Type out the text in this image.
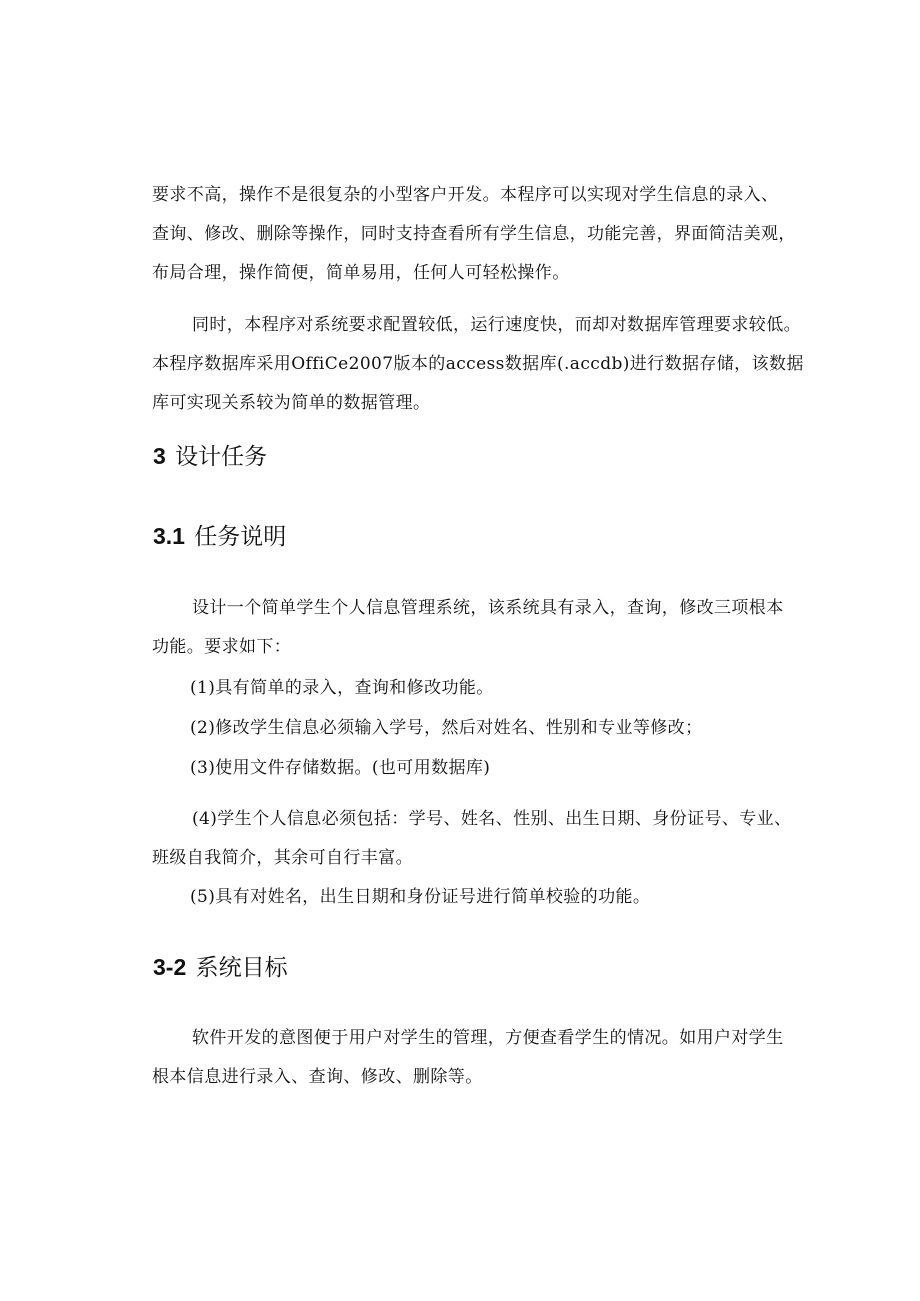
要求不高，操作不是很复杂的小型客户开发。本程序可以实现对学生信息的录入、
查询、修改、删除等操作，同时支持查看所有学生信息，功能完善，界面简洁美观，
布局合理，操作简便，简单易用，任何人可轻松操作。

同时，本程序对系统要求配置较低，运行速度快，而却对数据库管理要求较低。
本程序数据库采用OffiCe2007版本的access数据库(.accdb)进行数据存储，该数据
库可实现关系较为简单的数据管理。

3 设计任务
3.1 任务说明

设计一个简单学生个人信息管理系统，该系统具有录入，查询，修改三项根本
功能。要求如下：

(1)具有简单的录入，查询和修改功能。

(2)修改学生信息必须输入学号，然后对姓名、性别和专业等修改；

(3)使用文件存储数据。(也可用数据库)

(4)学生个人信息必须包括：学号、姓名、性别、出生日期、身份证号、专业、
班级自我简介，其余可自行丰富。

(5)具有对姓名，出生日期和身份证号进行简单校验的功能。

3-2 系统目标

软件开发的意图便于用户对学生的管理，方便查看学生的情况。如用户对学生
根本信息进行录入、查询、修改、删除等。
